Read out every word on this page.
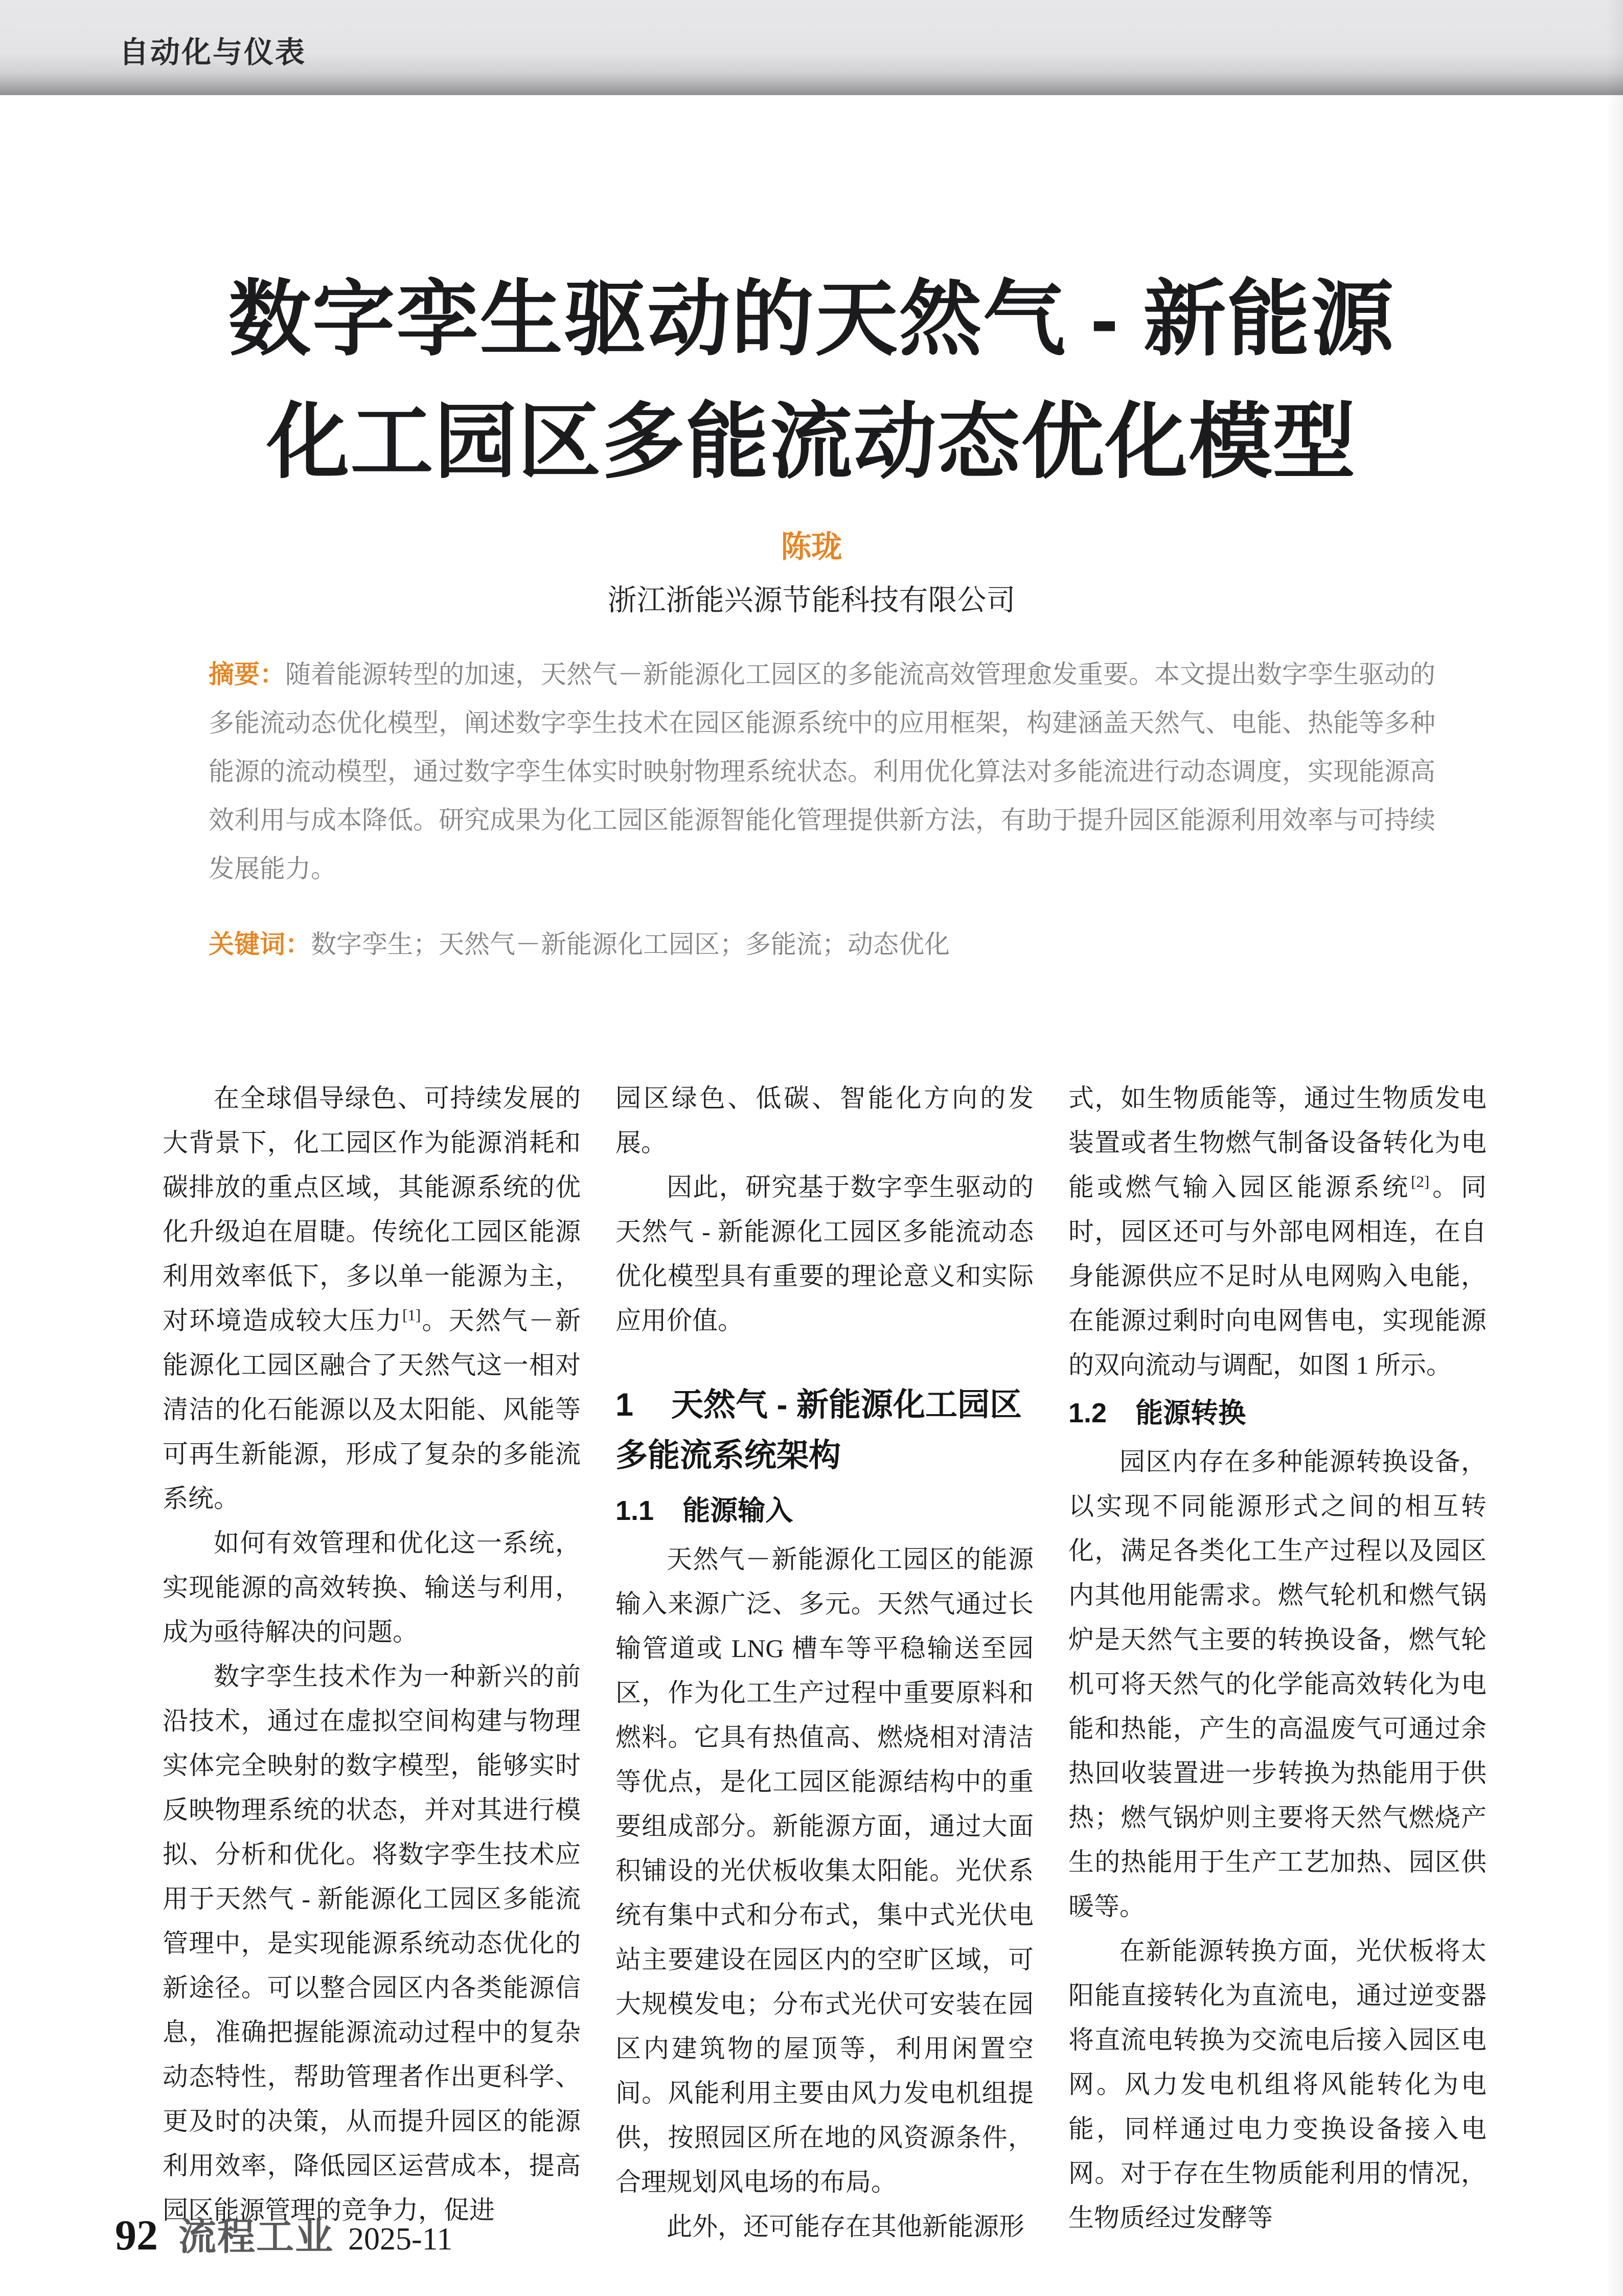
自动化与仪表
数字孪生驱动的天然气 - 新能源
化工园区多能流动态优化模型
陈珑
浙江浙能兴源节能科技有限公司
摘要：随着能源转型的加速，天然气－新能源化工园区的多能流高效管理愈发重要。本文提出数字孪生驱动的多能流动态优化模型，阐述数字孪生技术在园区能源系统中的应用框架，构建涵盖天然气、电能、热能等多种能源的流动模型，通过数字孪生体实时映射物理系统状态。利用优化算法对多能流进行动态调度，实现能源高效利用与成本降低。研究成果为化工园区能源智能化管理提供新方法，有助于提升园区能源利用效率与可持续发展能力。
关键词：数字孪生；天然气－新能源化工园区；多能流；动态优化

在全球倡导绿色、可持续发展的大背景下，化工园区作为能源消耗和碳排放的重点区域，其能源系统的优化升级迫在眉睫。传统化工园区能源利用效率低下，多以单一能源为主，对环境造成较大压力[1]。天然气－新能源化工园区融合了天然气这一相对清洁的化石能源以及太阳能、风能等可再生新能源，形成了复杂的多能流系统。

如何有效管理和优化这一系统，实现能源的高效转换、输送与利用，成为亟待解决的问题。

数字孪生技术作为一种新兴的前沿技术，通过在虚拟空间构建与物理实体完全映射的数字模型，能够实时反映物理系统的状态，并对其进行模拟、分析和优化。将数字孪生技术应用于天然气 - 新能源化工园区多能流管理中，是实现能源系统动态优化的新途径。可以整合园区内各类能源信息，准确把握能源流动过程中的复杂动态特性，帮助管理者作出更科学、更及时的决策，从而提升园区的能源利用效率，降低园区运营成本，提高园区能源管理的竞争力，促进

园区绿色、低碳、智能化方向的发展。

因此，研究基于数字孪生驱动的天然气 - 新能源化工园区多能流动态优化模型具有重要的理论意义和实际应用价值。

1 天然气 - 新能源化工园区多能流系统架构
1.1 能源输入

天然气－新能源化工园区的能源输入来源广泛、多元。天然气通过长输管道或 LNG 槽车等平稳输送至园区，作为化工生产过程中重要原料和燃料。它具有热值高、燃烧相对清洁等优点，是化工园区能源结构中的重要组成部分。新能源方面，通过大面积铺设的光伏板收集太阳能。光伏系统有集中式和分布式，集中式光伏电站主要建设在园区内的空旷区域，可大规模发电；分布式光伏可安装在园区内建筑物的屋顶等，利用闲置空间。风能利用主要由风力发电机组提供，按照园区所在地的风资源条件，合理规划风电场的布局。

此外，还可能存在其他新能源形

式，如生物质能等，通过生物质发电装置或者生物燃气制备设备转化为电能或燃气输入园区能源系统[2]。同时，园区还可与外部电网相连，在自身能源供应不足时从电网购入电能，在能源过剩时向电网售电，实现能源的双向流动与调配，如图 1 所示。

1.2 能源转换

园区内存在多种能源转换设备，以实现不同能源形式之间的相互转化，满足各类化工生产过程以及园区内其他用能需求。燃气轮机和燃气锅炉是天然气主要的转换设备，燃气轮机可将天然气的化学能高效转化为电能和热能，产生的高温废气可通过余热回收装置进一步转换为热能用于供热；燃气锅炉则主要将天然气燃烧产生的热能用于生产工艺加热、园区供暖等。

在新能源转换方面，光伏板将太阳能直接转化为直流电，通过逆变器将直流电转换为交流电后接入园区电网。风力发电机组将风能转化为电能，同样通过电力变换设备接入电网。对于存在生物质能利用的情况，生物质经过发酵等

92 流程工业 2025-11
